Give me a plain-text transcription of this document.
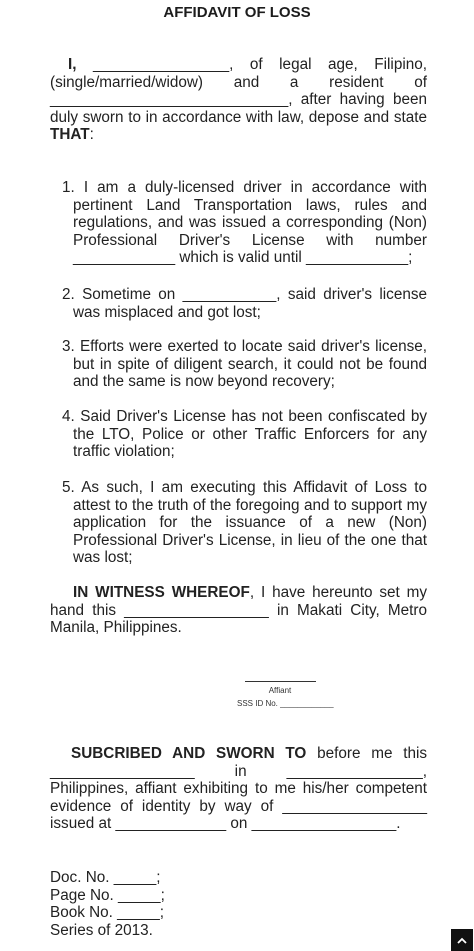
AFFIDAVIT OF LOSS
I, ________________, of legal age, Filipino, (single/married/widow) and a resident of ____________________________, after having been duly sworn to in accordance with law, depose and state THAT:
1. I am a duly-licensed driver in accordance with pertinent Land Transportation laws, rules and regulations, and was issued a corresponding (Non) Professional Driver's License with number ____________ which is valid until ____________;
2. Sometime on ___________, said driver's license was misplaced and got lost;
3. Efforts were exerted to locate said driver's license, but in spite of diligent search, it could not be found and the same is now beyond recovery;
4. Said Driver's License has not been confiscated by the LTO, Police or other Traffic Enforcers for any traffic violation;
5. As such, I am executing this Affidavit of Loss to attest to the truth of the foregoing and to support my application for the issuance of a new (Non) Professional Driver's License, in lieu of the one that was lost;
IN WITNESS WHEREOF, I have hereunto set my hand this _________________ in Makati City, Metro Manila, Philippines.
Affiant
SSS ID No. ____________
SUBCRIBED AND SWORN TO before me this _________________ in ________________, Philippines, affiant exhibiting to me his/her competent evidence of identity by way of _________________ issued at _____________ on _________________.
Doc. No. _____;
Page No. _____;
Book No. _____;
Series of 2013.
